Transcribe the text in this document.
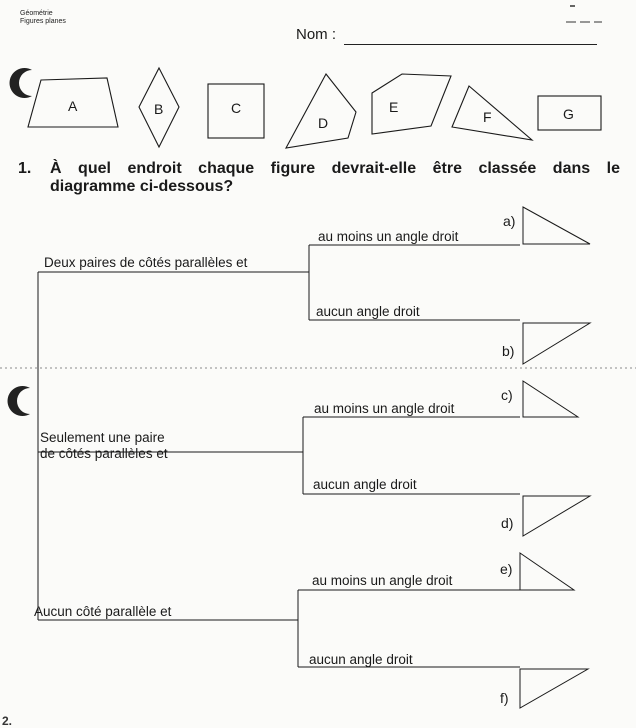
Géométrie
Figures planes
Nom :
A	B	C
D
E
F	G
1. À quel endroit chaque figure devrait-elle être classée dans le
diagramme ci-dessous?
Deux paires de côtés parallèles et
au moins un angle droit
aucun angle droit
a)
b)
Seulement une paire
de côtés parallèles et
au moins un angle droit
aucun angle droit
c)
d)
Aucun côté parallèle et
au moins un angle droit
aucun angle droit
e)
f)
2.
